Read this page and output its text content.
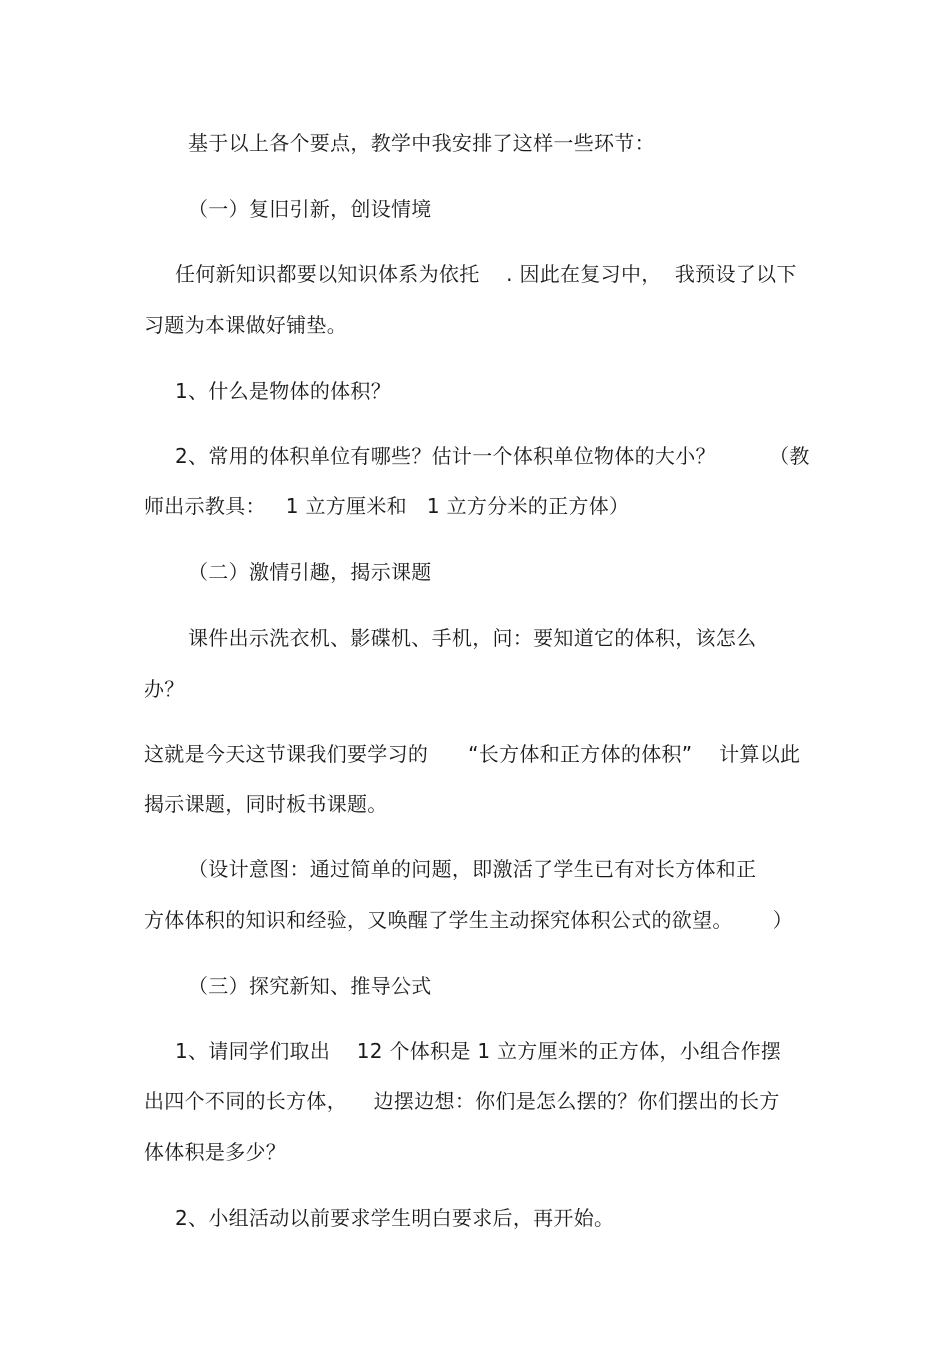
基于以上各个要点，教学中我安排了这样一些环节：
（一）复旧引新，创设情境
任何新知识都要以知识体系为依托    . 因此在复习中，  我预设了以下
习题为本课做好铺垫。
1、什么是物体的体积？
2、常用的体积单位有哪些？估计一个体积单位物体的大小？        （教
师出示教具：   1 立方厘米和   1 立方分米的正方体）
（二）激情引趣，揭示课题
课件出示洗衣机、影碟机、手机，问：要知道它的体积，该怎么
办？
这就是今天这节课我们要学习的      “长方体和正方体的体积”    计算以此
揭示课题，同时板书课题。
（设计意图：通过简单的问题，即激活了学生已有对长方体和正
方体体积的知识和经验，又唤醒了学生主动探究体积公式的欲望。      ）
（三）探究新知、推导公式
1、请同学们取出    12 个体积是 1 立方厘米的正方体，小组合作摆
出四个不同的长方体，    边摆边想：你们是怎么摆的？你们摆出的长方
体体积是多少？
2、小组活动以前要求学生明白要求后，再开始。
